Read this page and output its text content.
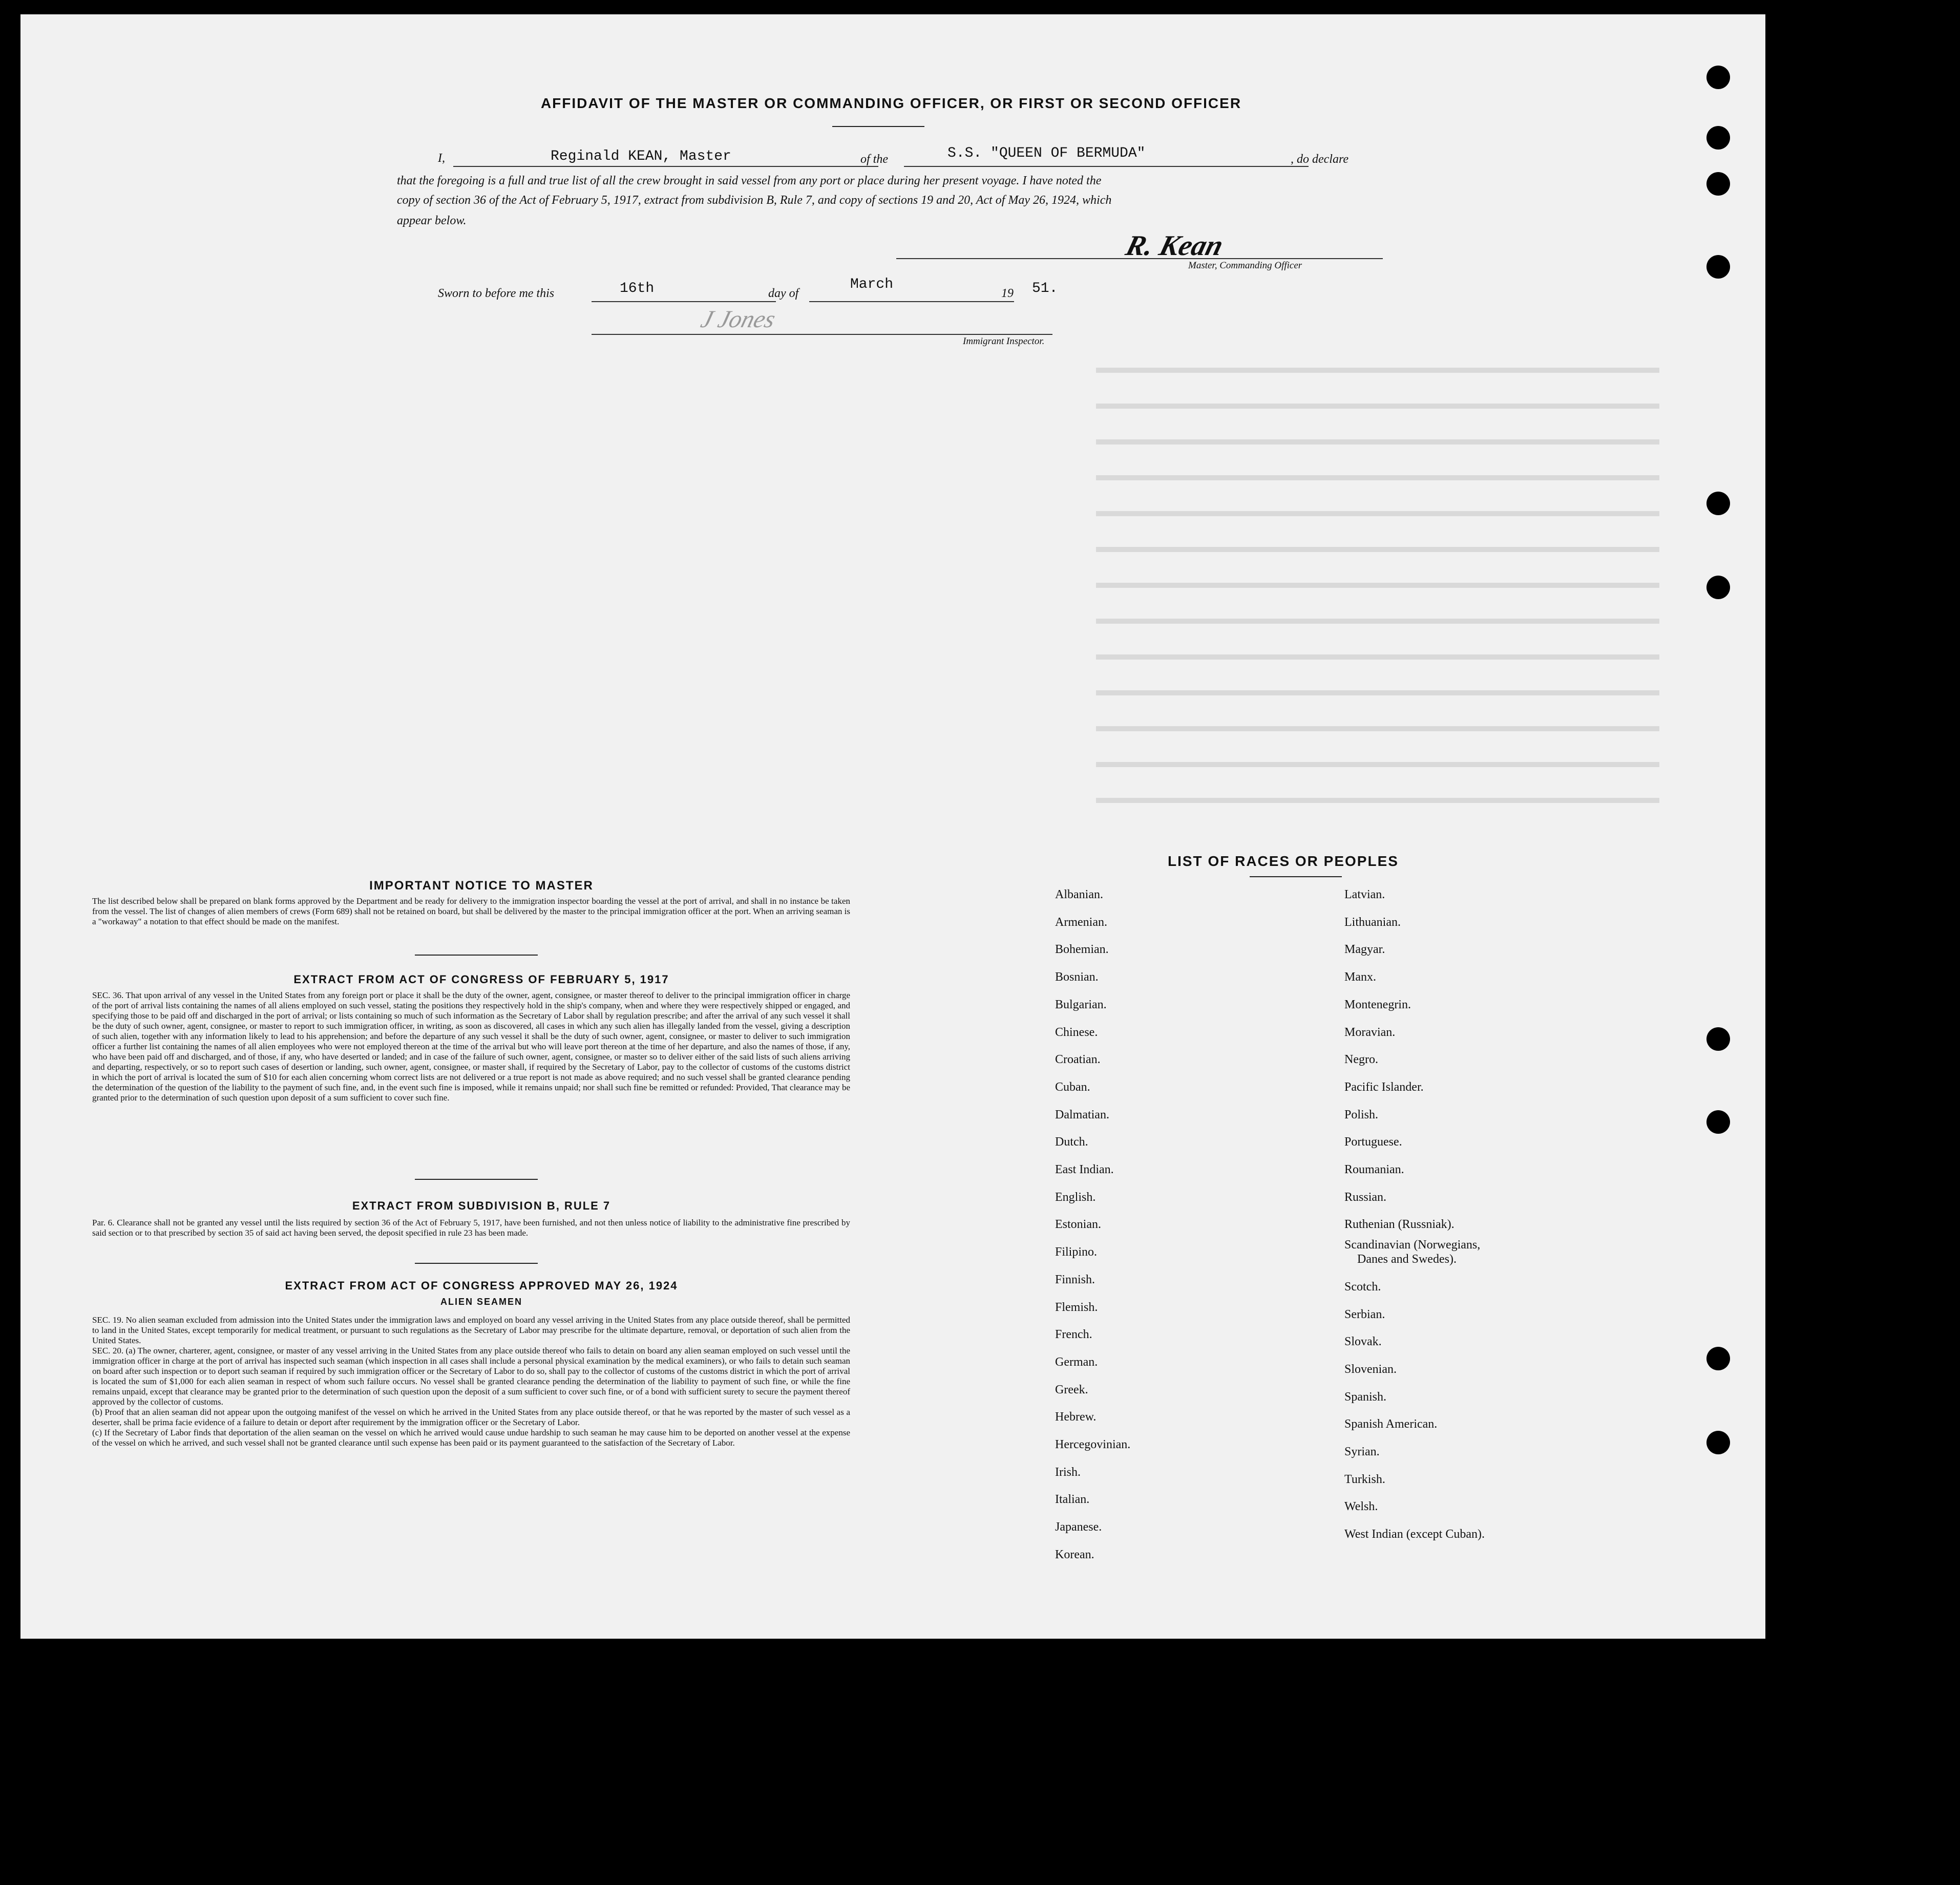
AFFIDAVIT OF THE MASTER OR COMMANDING OFFICER, OR FIRST OR SECOND OFFICER
I,	Reginald KEAN, Master	of the	S.S. "QUEEN OF BERMUDA"	, do declare
that the foregoing is a full and true list of all the crew brought in said vessel from any port or place during her present voyage. I have noted the
copy of section 36 of the Act of February 5, 1917, extract from subdivision B, Rule 7, and copy of sections 19 and 20, Act of May 26, 1924, which
appear below.
R. Kean
Master, Commanding Officer
Sworn to before me this	16th	day of
March
19 51.
J Jones
Immigrant Inspector.
IMPORTANT NOTICE TO MASTER
The list described below shall be prepared on blank forms approved by the Department and be ready for delivery to the immigration inspector boarding the vessel at the port of arrival, and shall in no instance be taken from the vessel. The list of changes of alien members of crews (Form 689) shall not be retained on board, but shall be delivered by the master to the principal immigration officer at the port. When an arriving seaman is a "workaway" a notation to that effect should be made on the manifest.
EXTRACT FROM ACT OF CONGRESS OF FEBRUARY 5, 1917
SEC. 36. That upon arrival of any vessel in the United States from any foreign port or place it shall be the duty of the owner, agent, consignee, or master thereof to deliver to the principal immigration officer in charge of the port of arrival lists containing the names of all aliens employed on such vessel, stating the positions they respectively hold in the ship's company, when and where they were respectively shipped or engaged, and specifying those to be paid off and discharged in the port of arrival; or lists containing so much of such information as the Secretary of Labor shall by regulation prescribe; and after the arrival of any such vessel it shall be the duty of such owner, agent, consignee, or master to report to such immigration officer, in writing, as soon as discovered, all cases in which any such alien has illegally landed from the vessel, giving a description of such alien, together with any information likely to lead to his apprehension; and before the departure of any such vessel it shall be the duty of such owner, agent, consignee, or master to deliver to such immigration officer a further list containing the names of all alien employees who were not employed thereon at the time of the arrival but who will leave port thereon at the time of her departure, and also the names of those, if any, who have been paid off and discharged, and of those, if any, who have deserted or landed; and in case of the failure of such owner, agent, consignee, or master so to deliver either of the said lists of such aliens arriving and departing, respectively, or so to report such cases of desertion or landing, such owner, agent, consignee, or master shall, if required by the Secretary of Labor, pay to the collector of customs of the customs district in which the port of arrival is located the sum of $10 for each alien concerning whom correct lists are not delivered or a true report is not made as above required; and no such vessel shall be granted clearance pending the determination of the question of the liability to the payment of such fine, and, in the event such fine is imposed, while it remains unpaid; nor shall such fine be remitted or refunded: Provided, That clearance may be granted prior to the determination of such question upon deposit of a sum sufficient to cover such fine.
EXTRACT FROM SUBDIVISION B, RULE 7
Par. 6. Clearance shall not be granted any vessel until the lists required by section 36 of the Act of February 5, 1917, have been furnished, and not then unless notice of liability to the administrative fine prescribed by said section or to that prescribed by section 35 of said act having been served, the deposit specified in rule 23 has been made.
EXTRACT FROM ACT OF CONGRESS APPROVED MAY 26, 1924
ALIEN SEAMEN
SEC. 19. No alien seaman excluded from admission into the United States under the immigration laws and employed on board any vessel arriving in the United States from any place outside thereof, shall be permitted to land in the United States, except temporarily for medical treatment, or pursuant to such regulations as the Secretary of Labor may prescribe for the ultimate departure, removal, or deportation of such alien from the United States.
SEC. 20. (a) The owner, charterer, agent, consignee, or master of any vessel arriving in the United States from any place outside thereof who fails to detain on board any alien seaman employed on such vessel until the immigration officer in charge at the port of arrival has inspected such seaman (which inspection in all cases shall include a personal physical examination by the medical examiners), or who fails to detain such seaman on board after such inspection or to deport such seaman if required by such immigration officer or the Secretary of Labor to do so, shall pay to the collector of customs of the customs district in which the port of arrival is located the sum of $1,000 for each alien seaman in respect of whom such failure occurs. No vessel shall be granted clearance pending the determination of the liability to payment of such fine, or while the fine remains unpaid, except that clearance may be granted prior to the determination of such question upon the deposit of a sum sufficient to cover such fine, or of a bond with sufficient surety to secure the payment thereof approved by the collector of customs.
(b) Proof that an alien seaman did not appear upon the outgoing manifest of the vessel on which he arrived in the United States from any place outside thereof, or that he was reported by the master of such vessel as a deserter, shall be prima facie evidence of a failure to detain or deport after requirement by the immigration officer or the Secretary of Labor.
(c) If the Secretary of Labor finds that deportation of the alien seaman on the vessel on which he arrived would cause undue hardship to such seaman he may cause him to be deported on another vessel at the expense of the vessel on which he arrived, and such vessel shall not be granted clearance until such expense has been paid or its payment guaranteed to the satisfaction of the Secretary of Labor.
LIST OF RACES OR PEOPLES
Albanian.
Armenian.
Bohemian.
Bosnian.
Bulgarian.
Chinese.
Croatian.
Cuban.
Dalmatian.
Dutch.
East Indian.
English.
Estonian.
Filipino.
Finnish.
Flemish.
French.
German.
Greek.
Hebrew.
Hercegovinian.
Irish.
Italian.
Japanese.
Korean.
Latvian.
Lithuanian.
Magyar.
Manx.
Montenegrin.
Moravian.
Negro.
Pacific Islander.
Polish.
Portuguese.
Roumanian.
Russian.
Ruthenian (Russniak).
Scandinavian (Norwegians,
Danes and Swedes).
Scotch.
Serbian.
Slovak.
Slovenian.
Spanish.
Spanish American.
Syrian.
Turkish.
Welsh.
West Indian (except Cuban).
